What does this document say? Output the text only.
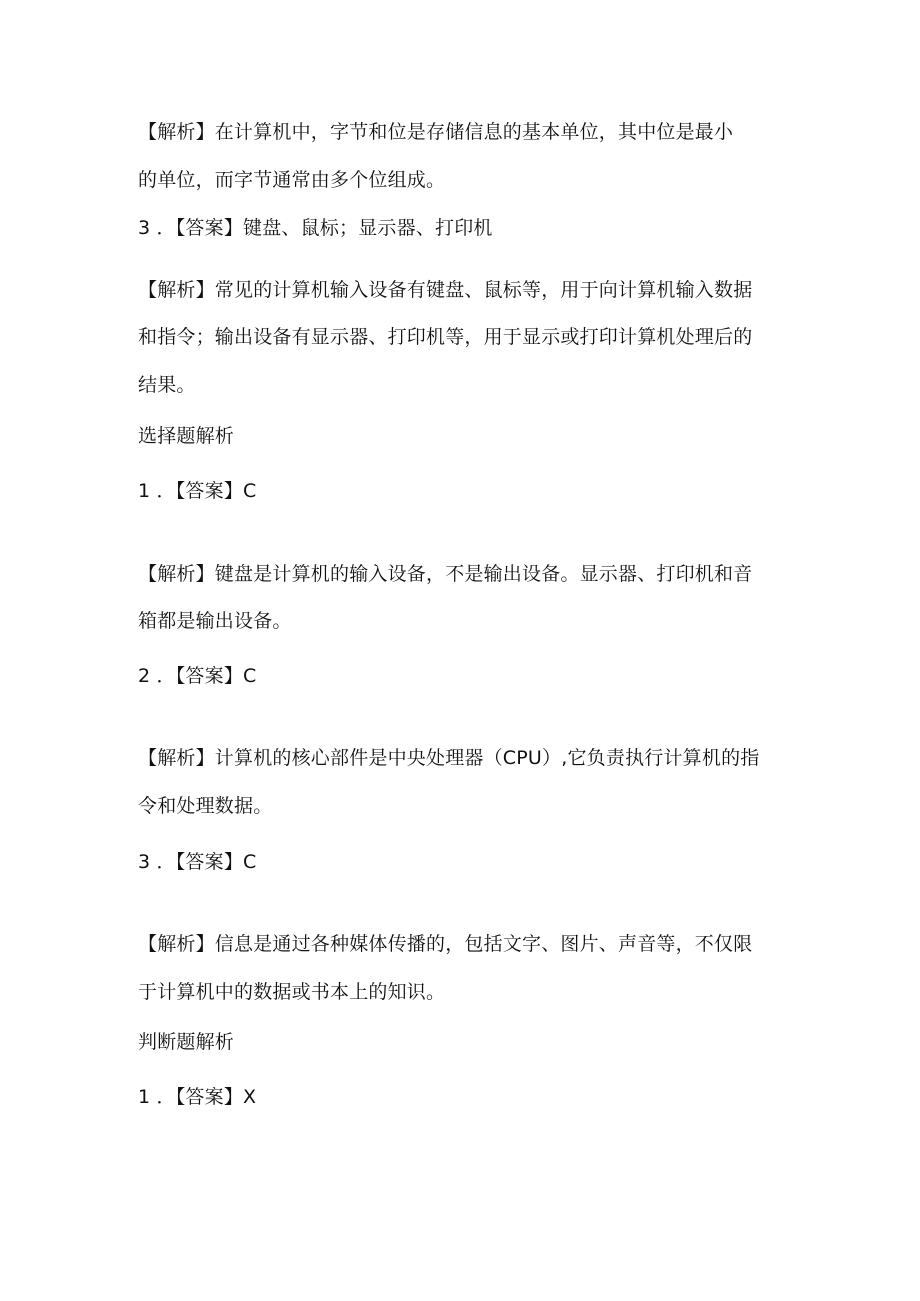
【解析】在计算机中，字节和位是存储信息的基本单位，其中位是最小
的单位，而字节通常由多个位组成。
3 ．【答案】键盘、鼠标；显示器、打印机
【解析】常见的计算机输入设备有键盘、鼠标等，用于向计算机输入数据
和指令；输出设备有显示器、打印机等，用于显示或打印计算机处理后的
结果。
选择题解析
1 ．【答案】C
【解析】键盘是计算机的输入设备，不是输出设备。显示器、打印机和音
箱都是输出设备。
2 ．【答案】C
【解析】计算机的核心部件是中央处理器（CPU）,它负责执行计算机的指
令和处理数据。
3 ．【答案】C
【解析】信息是通过各种媒体传播的，包括文字、图片、声音等，不仅限
于计算机中的数据或书本上的知识。
判断题解析
1 ．【答案】X
